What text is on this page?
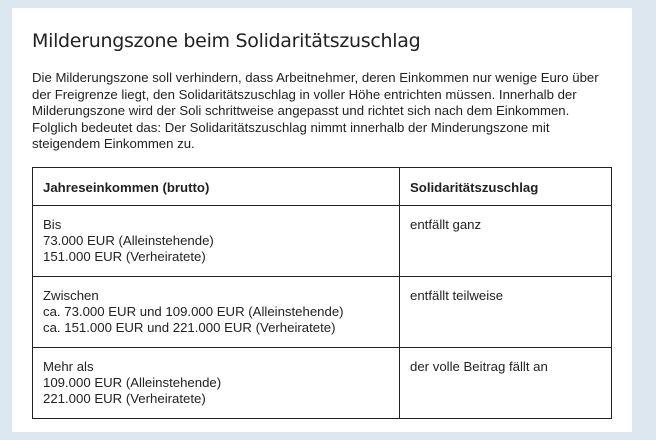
Milderungszone beim Solidaritätszuschlag

Die Milderungszone soll verhindern, dass Arbeitnehmer, deren Einkommen nur wenige Euro über der Freigrenze liegt, den Solidaritätszuschlag in voller Höhe entrichten müssen. Innerhalb der Milderungszone wird der Soli schrittweise angepasst und richtet sich nach dem Einkommen. Folglich bedeutet das: Der Solidaritätszuschlag nimmt innerhalb der Minderungszone mit steigendem Einkommen zu.

Jahreseinkommen (brutto)	Solidaritätszuschlag

Bis
73.000 EUR (Alleinstehende)
151.000 EUR (Verheiratete)	entfällt ganz

Zwischen
ca. 73.000 EUR und 109.000 EUR (Alleinstehende)
ca. 151.000 EUR und 221.000 EUR (Verheiratete)	entfällt teilweise

Mehr als
109.000 EUR (Alleinstehende)
221.000 EUR (Verheiratete)	der volle Beitrag fällt an
